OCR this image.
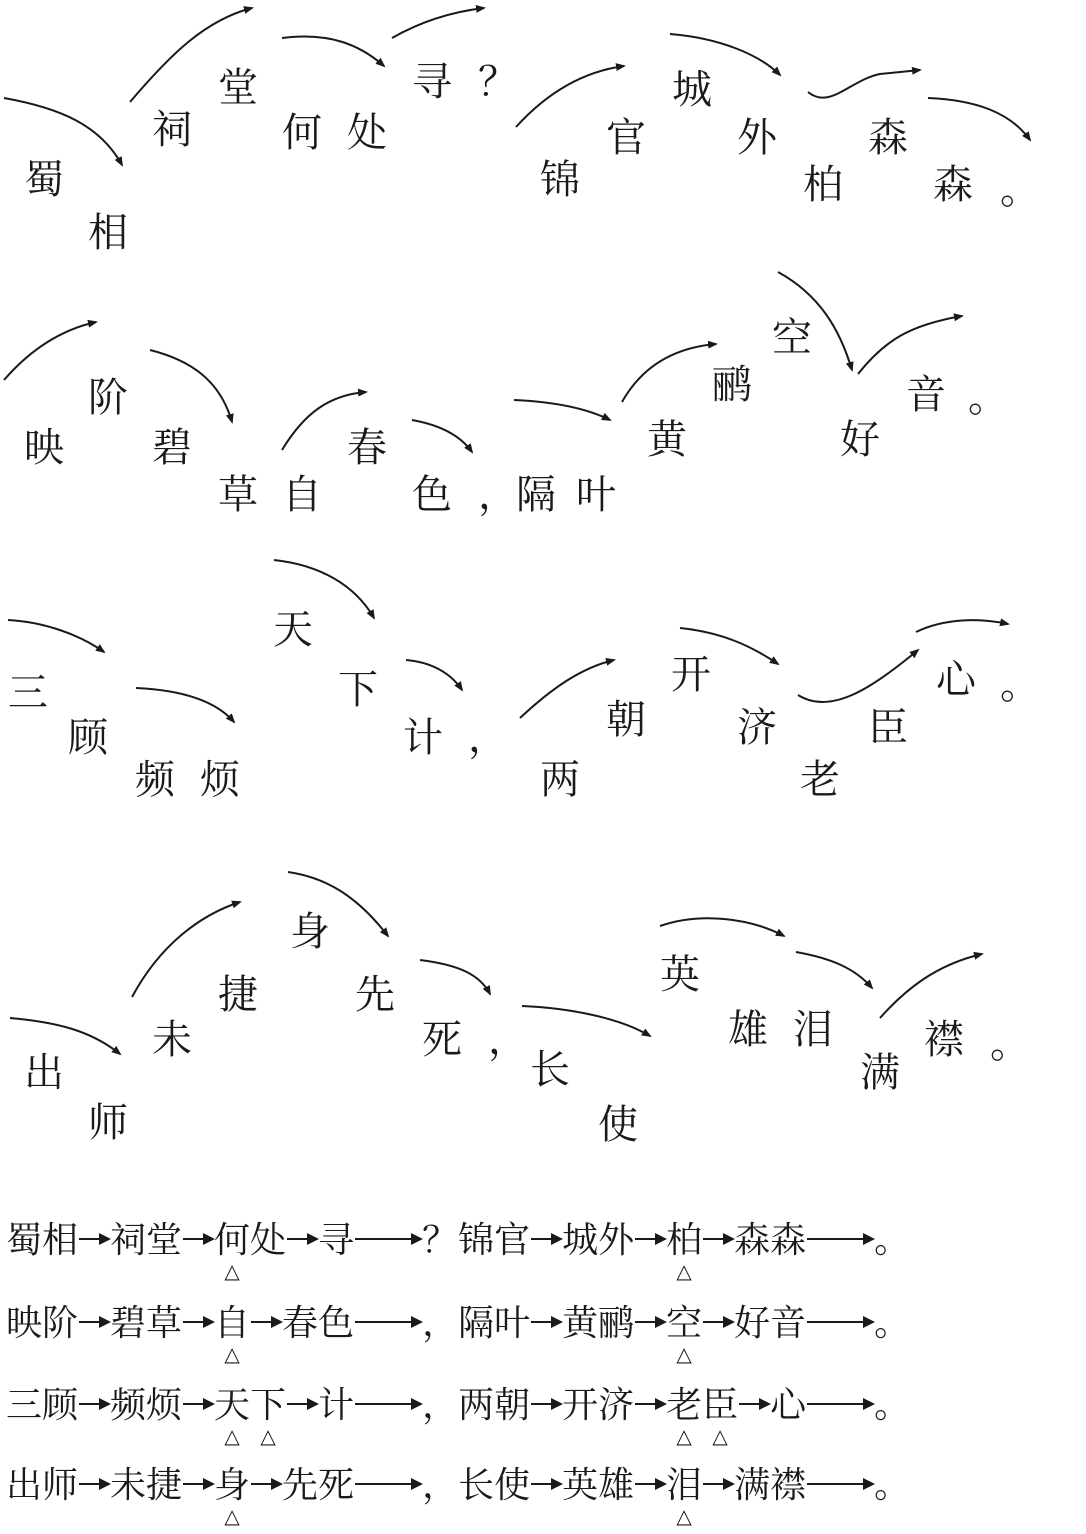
蜀
相
祠
堂
何 处
寻 ？
锦
官
城
外
柏
森
森 。
映
阶
碧
草 自
春
色 ，
隔 叶
黄
鹂
空
好
音 。
三
顾
频 烦
天
下
计 ，
两
朝
开
济
老
臣
心 。
出
师
未
捷
身
先
死 ，
长
使
英
雄 泪
满
襟 。
蜀相 祠堂 何
△
处 寻 ？锦官 城外 柏
△
森森 。
映阶 碧草 自
△
春色 ，隔叶 黄鹂 空
△
好音 。
三顾 频烦 天
△
下
△
计 ，两朝 开济 老
△
臣
△
心 。
出师 未捷 身
△
先死 ，长使 英雄 泪
△
满襟 。
